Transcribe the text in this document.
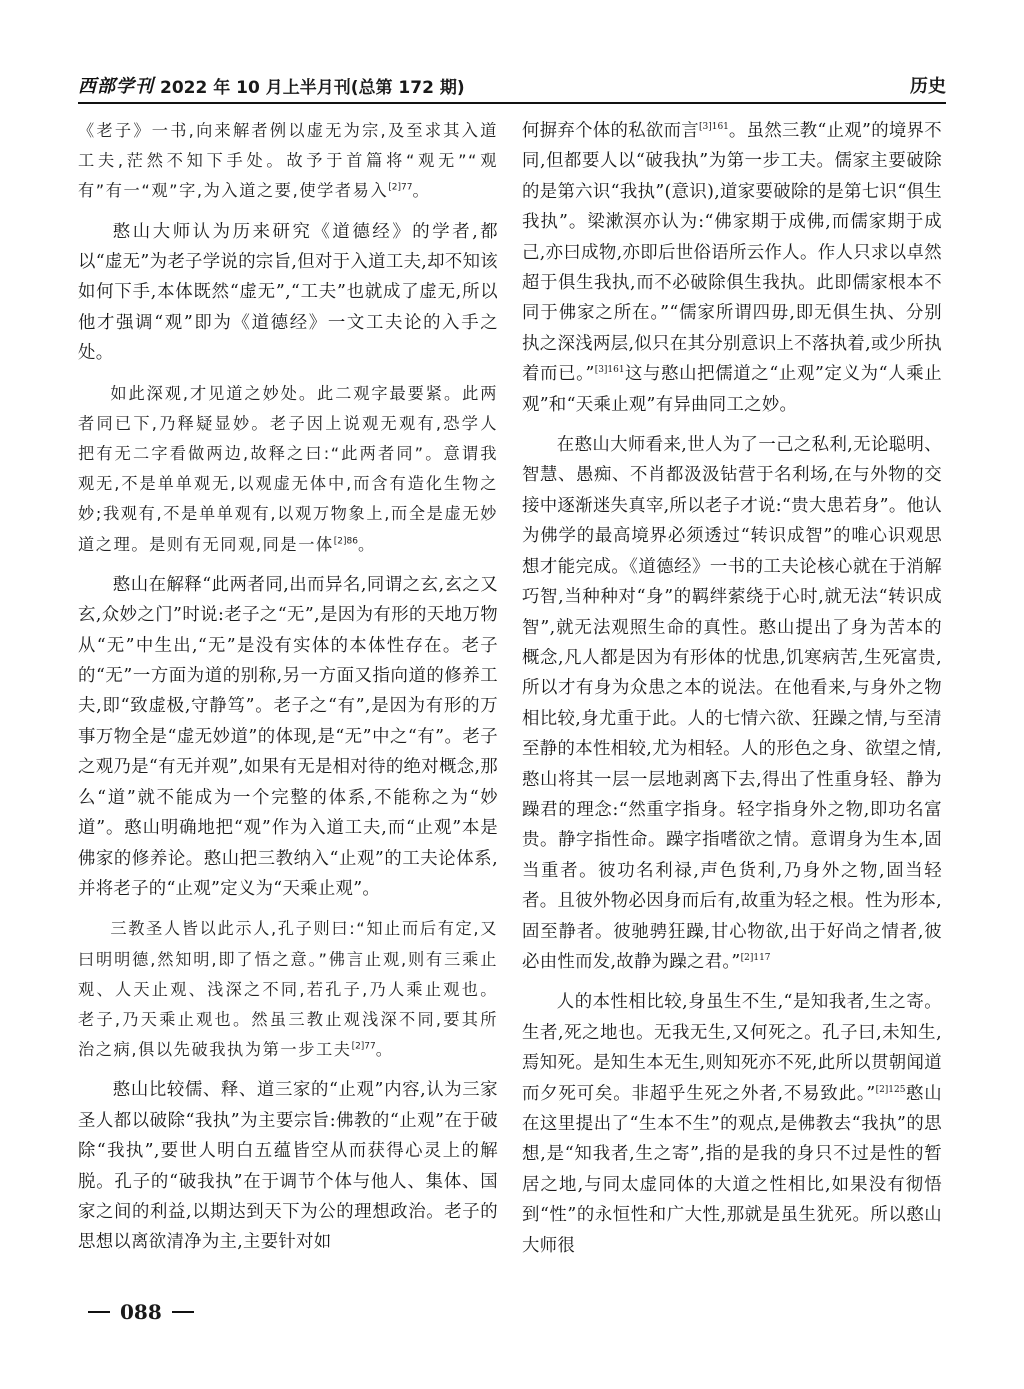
西部学刊 2022 年 10 月上半月刊(总第 172 期)	历史

《老子》一书,向来解者例以虚无为宗,及至求其入道工夫,茫然不知下手处。故予于首篇将“观无”“观有”有一“观”字,为入道之要,使学者易入$^{[2]77}$。

憨山大师认为历来研究《道德经》的学者,都以“虚无”为老子学说的宗旨,但对于入道工夫,却不知该如何下手,本体既然“虚无”,“工夫”也就成了虚无,所以他才强调“观”即为《道德经》一文工夫论的入手之处。

如此深观,才见道之妙处。此二观字最要紧。此两者同已下,乃释疑显妙。老子因上说观无观有,恐学人把有无二字看做两边,故释之曰:“此两者同”。意谓我观无,不是单单观无,以观虚无体中,而含有造化生物之妙;我观有,不是单单观有,以观万物象上,而全是虚无妙道之理。是则有无同观,同是一体$^{[2]86}$。

憨山在解释“此两者同,出而异名,同谓之玄,玄之又玄,众妙之门”时说:老子之“无”,是因为有形的天地万物从“无”中生出,“无”是没有实体的本体性存在。老子的“无”一方面为道的别称,另一方面又指向道的修养工夫,即“致虚极,守静笃”。老子之“有”,是因为有形的万事万物全是“虚无妙道”的体现,是“无”中之“有”。老子之观乃是“有无并观”,如果有无是相对待的绝对概念,那么“道”就不能成为一个完整的体系,不能称之为“妙道”。憨山明确地把“观”作为入道工夫,而“止观”本是佛家的修养论。憨山把三教纳入“止观”的工夫论体系,并将老子的“止观”定义为“天乘止观”。

三教圣人皆以此示人,孔子则曰:“知止而后有定,又曰明明德,然知明,即了悟之意。”佛言止观,则有三乘止观、人天止观、浅深之不同,若孔子,乃人乘止观也。老子,乃天乘止观也。然虽三教止观浅深不同,要其所治之病,俱以先破我执为第一步工夫$^{[2]77}$。

憨山比较儒、释、道三家的“止观”内容,认为三家圣人都以破除“我执”为主要宗旨:佛教的“止观”在于破除“我执”,要世人明白五蕴皆空从而获得心灵上的解脱。孔子的“破我执”在于调节个体与他人、集体、国家之间的利益,以期达到天下为公的理想政治。老子的思想以离欲清净为主,主要针对如

何摒弃个体的私欲而言$^{[3]161}$。虽然三教“止观”的境界不同,但都要人以“破我执”为第一步工夫。儒家主要破除的是第六识“我执”(意识),道家要破除的是第七识“俱生我执”。梁漱溟亦认为:“佛家期于成佛,而儒家期于成己,亦曰成物,亦即后世俗语所云作人。作人只求以卓然超于俱生我执,而不必破除俱生我执。此即儒家根本不同于佛家之所在。”“儒家所谓四毋,即无俱生执、分别执之深浅两层,似只在其分别意识上不落执着,或少所执着而已。”$^{[3]161}$这与憨山把儒道之“止观”定义为“人乘止观”和“天乘止观”有异曲同工之妙。

在憨山大师看来,世人为了一己之私利,无论聪明、智慧、愚痴、不肖都汲汲钻营于名利场,在与外物的交接中逐渐迷失真宰,所以老子才说:“贵大患若身”。他认为佛学的最高境界必须透过“转识成智”的唯心识观思想才能完成。《道德经》一书的工夫论核心就在于消解巧智,当种种对“身”的羁绊萦绕于心时,就无法“转识成智”,就无法观照生命的真性。憨山提出了身为苦本的概念,凡人都是因为有形体的忧患,饥寒病苦,生死富贵,所以才有身为众患之本的说法。在他看来,与身外之物相比较,身尤重于此。人的七情六欲、狂躁之情,与至清至静的本性相较,尤为相轻。人的形色之身、欲望之情,憨山将其一层一层地剥离下去,得出了性重身轻、静为躁君的理念:“然重字指身。轻字指身外之物,即功名富贵。静字指性命。躁字指嗜欲之情。意谓身为生本,固当重者。彼功名利禄,声色货利,乃身外之物,固当轻者。且彼外物必因身而后有,故重为轻之根。性为形本,固至静者。彼驰骋狂躁,甘心物欲,出于好尚之情者,彼必由性而发,故静为躁之君。”$^{[2]117}$

人的本性相比较,身虽生不生,“是知我者,生之寄。生者,死之地也。无我无生,又何死之。孔子曰,未知生,焉知死。是知生本无生,则知死亦不死,此所以贯朝闻道而夕死可矣。非超乎生死之外者,不易致此。”$^{[2]125}$憨山在这里提出了“生本不生”的观点,是佛教去“我执”的思想,是“知我者,生之寄”,指的是我的身只不过是性的暂居之地,与同太虚同体的大道之性相比,如果没有彻悟到“性”的永恒性和广大性,那就是虽生犹死。所以憨山大师很

088
